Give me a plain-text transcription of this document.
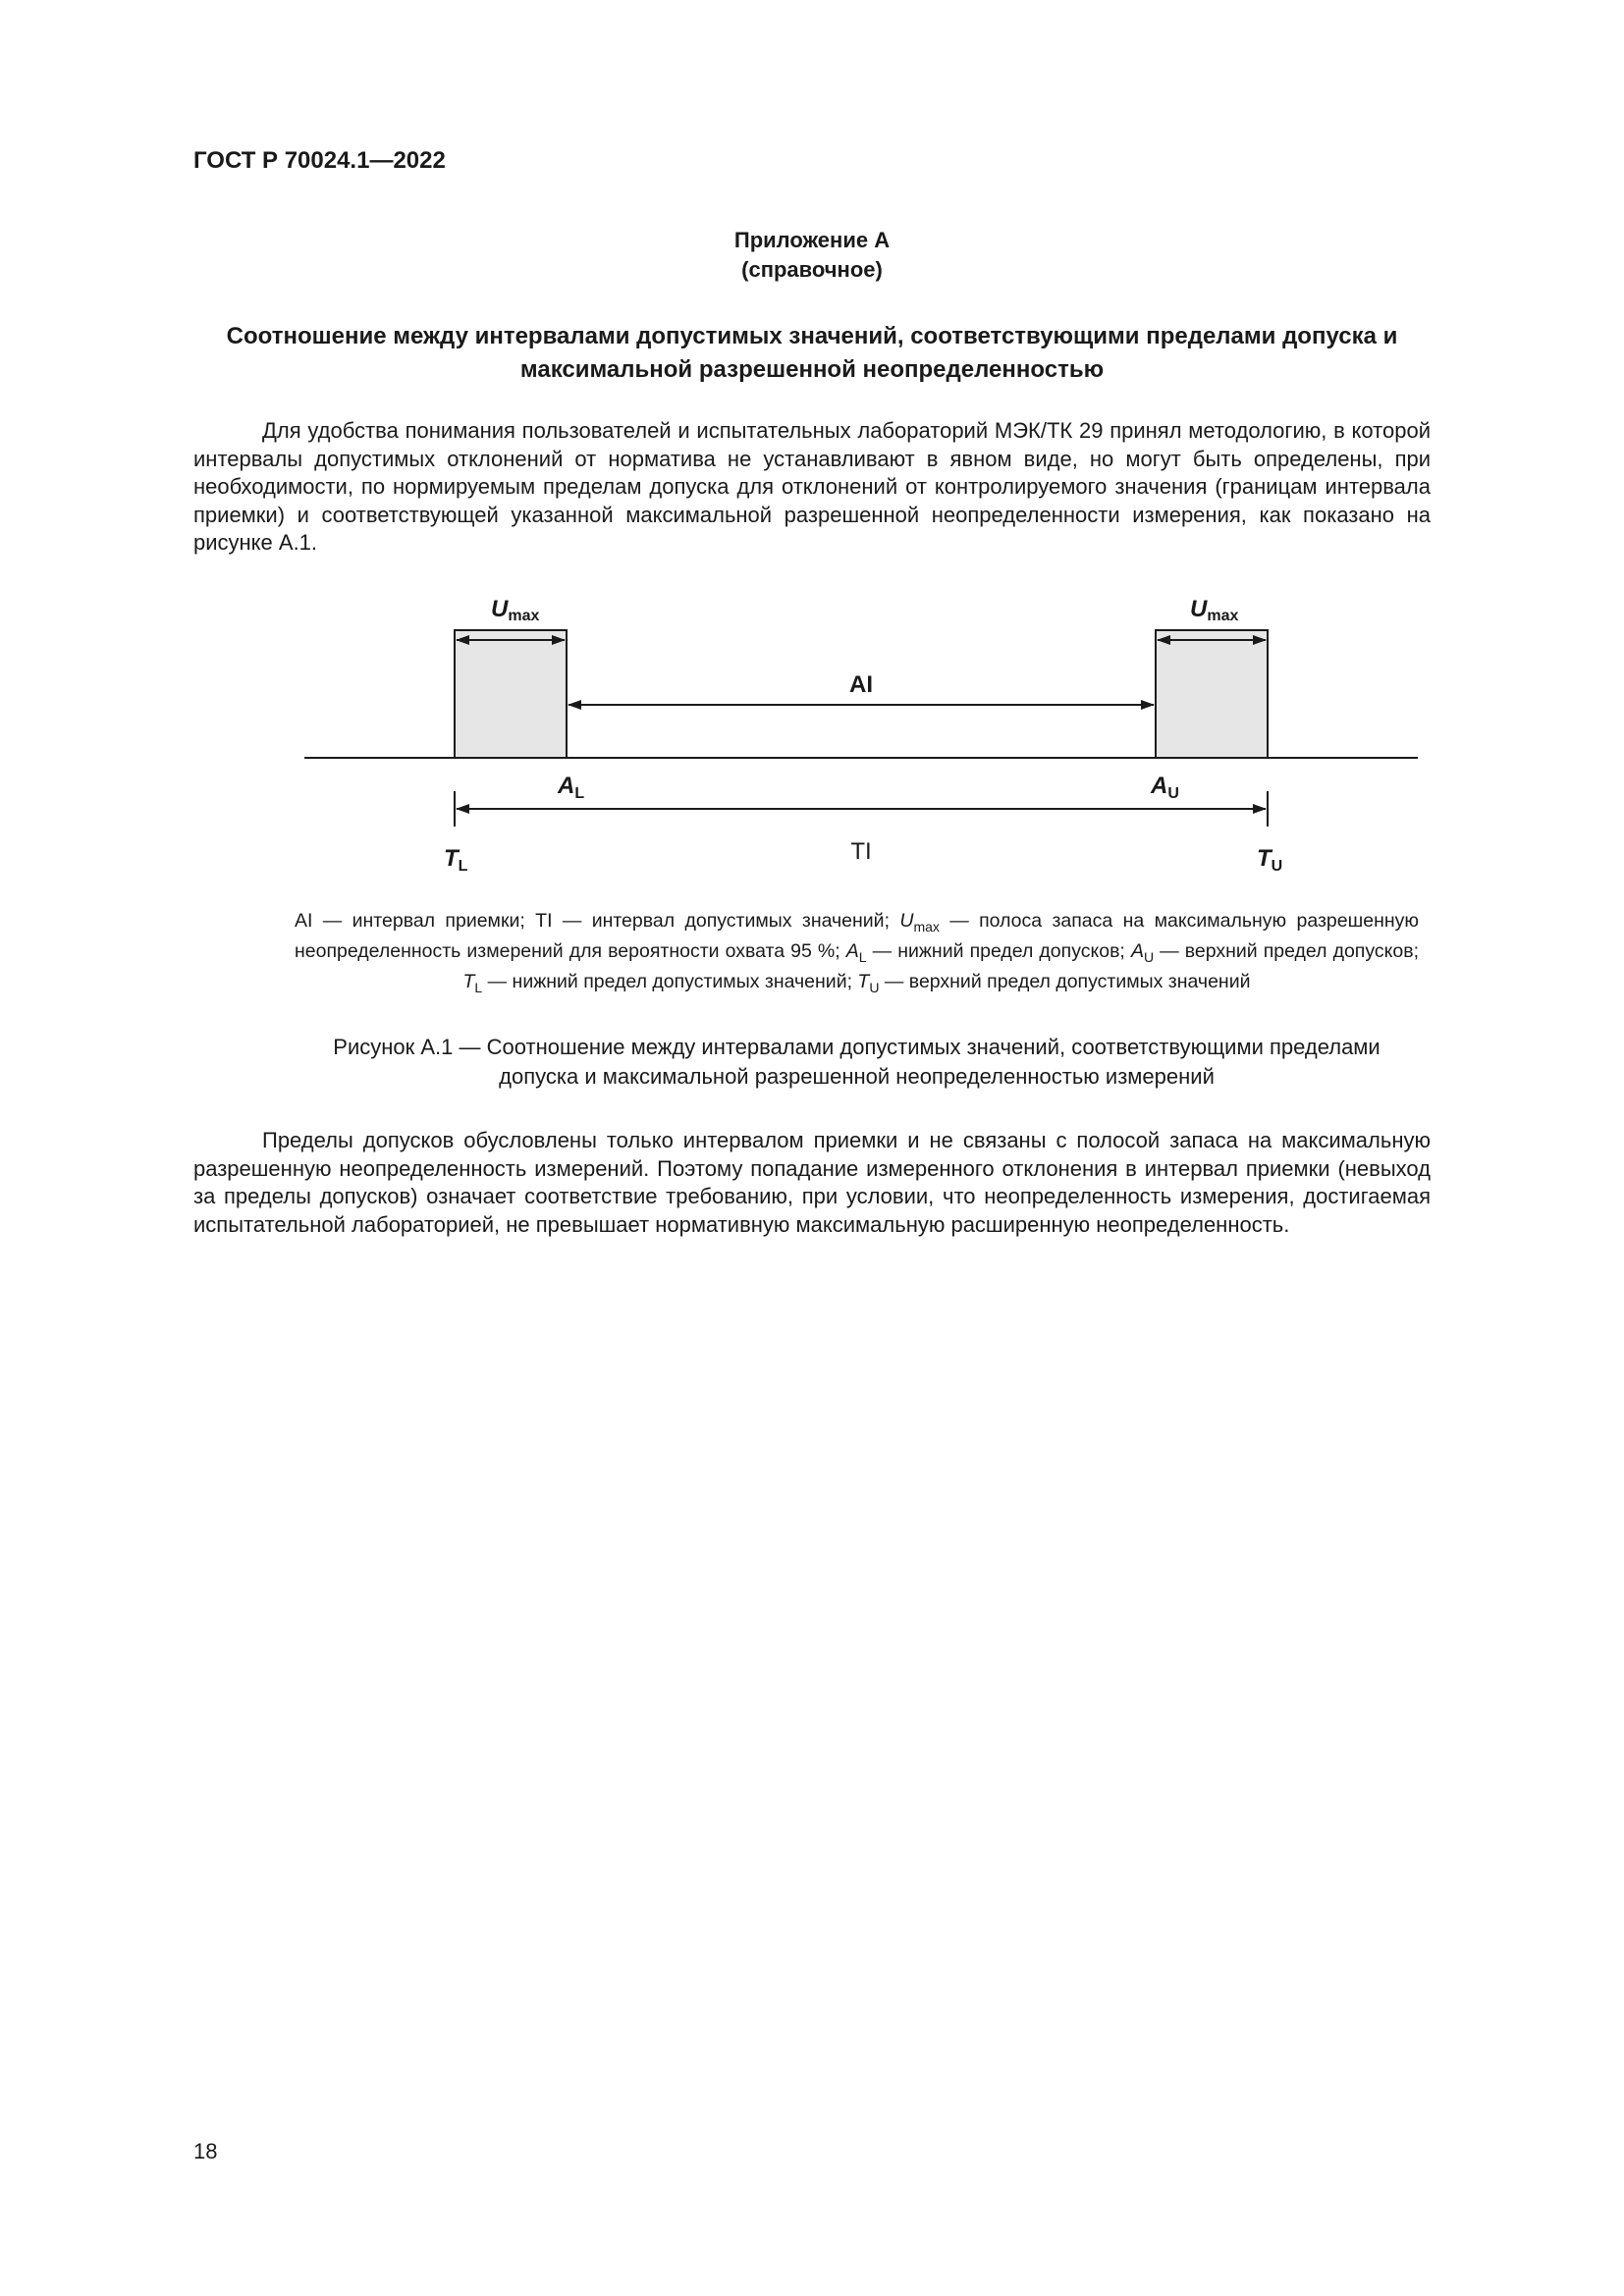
ГОСТ Р 70024.1—2022

Приложение А

(справочное)

Соотношение между интервалами допустимых значений, соответствующими пределами допуска и максимальной разрешенной неопределенностью

Для удобства понимания пользователей и испытательных лабораторий МЭК/ТК 29 принял методологию, в которой интервалы допустимых отклонений от норматива не устанавливают в явном виде, но могут быть определены, при необходимости, по нормируемым пределам допуска для отклонений от контролируемого значения (границам интервала приемки) и соответствующей указанной максимальной разрешенной неопределенности измерения, как показано на рисунке А.1.

Umax	Umax
AI
$A_L$	$A_U$
TI
$T_L$	$T_U$

AI — интервал приемки; TI — интервал допустимых значений; $U_{max}$ — полоса запаса на максимальную разрешенную неопределенность измерений для вероятности охвата 95 %; $A_L$ — нижний предел допусков; $A_U$ — верхний предел допусков; $T_L$ — нижний предел допустимых значений; $T_U$ — верхний предел допустимых значений

Рисунок А.1 — Соотношение между интервалами допустимых значений, соответствующими пределами допуска и максимальной разрешенной неопределенностью измерений

Пределы допусков обусловлены только интервалом приемки и не связаны с полосой запаса на максимальную разрешенную неопределенность измерений. Поэтому попадание измеренного отклонения в интервал приемки (невыход за пределы допусков) означает соответствие требованию, при условии, что неопределенность измерения, достигаемая испытательной лабораторией, не превышает нормативную максимальную расширенную неопределенность.

18
